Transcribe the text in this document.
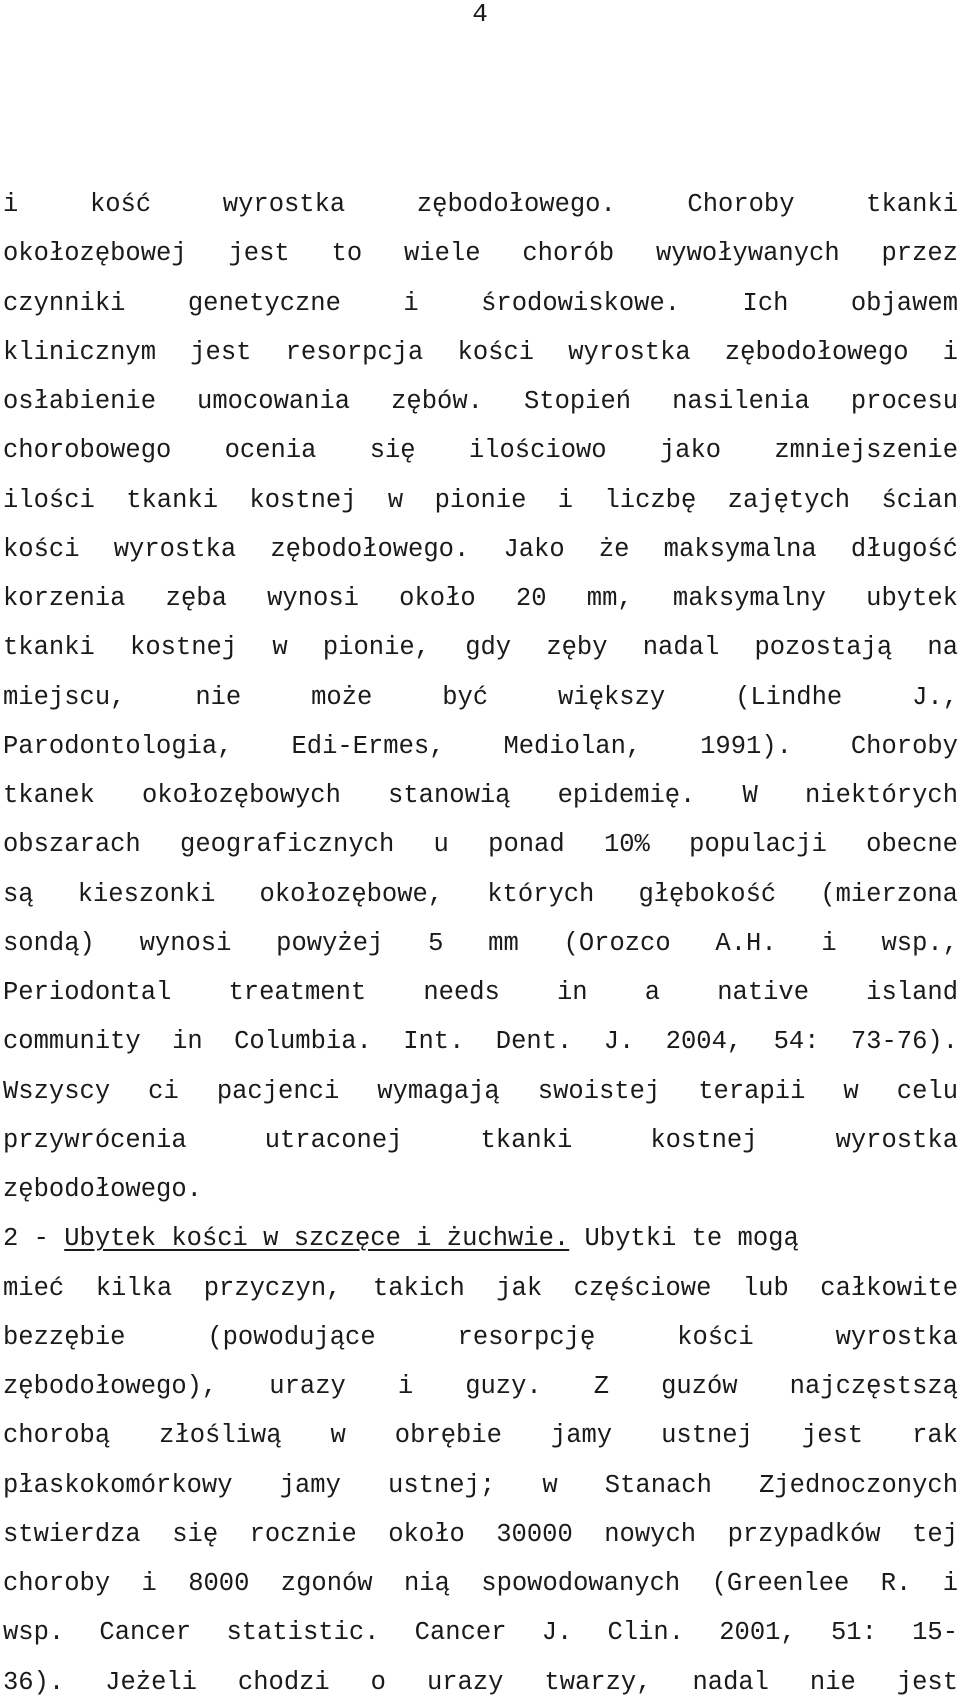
4
i kość wyrostka zębodołowego. Choroby tkanki
okołozębowej jest to wiele chorób wywoływanych przez
czynniki genetyczne i środowiskowe. Ich objawem
klinicznym jest resorpcja kości wyrostka zębodołowego i
osłabienie umocowania zębów. Stopień nasilenia procesu
chorobowego ocenia się ilościowo jako zmniejszenie
ilości tkanki kostnej w pionie i liczbę zajętych ścian
kości wyrostka zębodołowego. Jako że maksymalna długość
korzenia zęba wynosi około 20 mm, maksymalny ubytek
tkanki kostnej w pionie, gdy zęby nadal pozostają na
miejscu, nie może być większy (Lindhe J.,
Parodontologia, Edi-Ermes, Mediolan, 1991). Choroby
tkanek okołozębowych stanowią epidemię. W niektórych
obszarach geograficznych u ponad 10% populacji obecne
są kieszonki okołozębowe, których głębokość (mierzona
sondą) wynosi powyżej 5 mm (Orozco A.H. i wsp.,
Periodontal treatment needs in a native island
community in Columbia. Int. Dent. J. 2004, 54: 73-76).
Wszyscy ci pacjenci wymagają swoistej terapii w celu
przywrócenia utraconej tkanki kostnej wyrostka
zębodołowego.
2 - Ubytek kości w szczęce i żuchwie. Ubytki te mogą
mieć kilka przyczyn, takich jak częściowe lub całkowite
bezzębie (powodujące resorpcję kości wyrostka
zębodołowego), urazy i guzy. Z guzów najczęstszą
chorobą złośliwą w obrębie jamy ustnej jest rak
płaskokomórkowy jamy ustnej; w Stanach Zjednoczonych
stwierdza się rocznie około 30000 nowych przypadków tej
choroby i 8000 zgonów nią spowodowanych (Greenlee R. i
wsp. Cancer statistic. Cancer J. Clin. 2001, 51: 15-
36). Jeżeli chodzi o urazy twarzy, nadal nie jest
